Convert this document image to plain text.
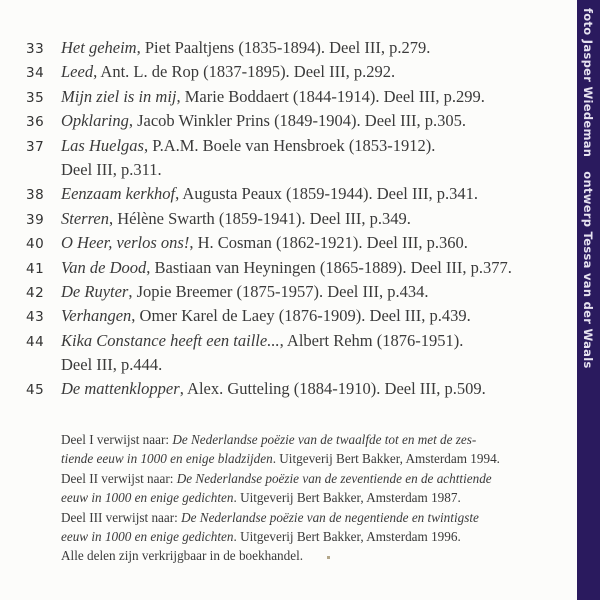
33	Het geheim, Piet Paaltjens (1835-1894). Deel III, p.279.
34	Leed, Ant. L. de Rop (1837-1895). Deel III, p.292.
35	Mijn ziel is in mij, Marie Boddaert (1844-1914). Deel III, p.299.
36	Opklaring, Jacob Winkler Prins (1849-1904). Deel III, p.305.
37	Las Huelgas, P.A.M. Boele van Hensbroek (1853-1912).
Deel III, p.311.
38	Eenzaam kerkhof, Augusta Peaux (1859-1944). Deel III, p.341.
39	Sterren, Hélène Swarth (1859-1941). Deel III, p.349.
40	O Heer, verlos ons!, H. Cosman (1862-1921). Deel III, p.360.
41	Van de Dood, Bastiaan van Heyningen (1865-1889). Deel III, p.377.
42	De Ruyter, Jopie Breemer (1875-1957). Deel III, p.434.
43	Verhangen, Omer Karel de Laey (1876-1909). Deel III, p.439.
44	Kika Constance heeft een taille..., Albert Rehm (1876-1951).
Deel III, p.444.
45	De mattenklopper, Alex. Gutteling (1884-1910). Deel III, p.509.

Deel I verwijst naar: De Nederlandse poëzie van de twaalfde tot en met de zes-
tiende eeuw in 1000 en enige bladzijden. Uitgeverij Bert Bakker, Amsterdam 1994.

Deel II verwijst naar: De Nederlandse poëzie van de zeventiende en de achttiende
eeuw in 1000 en enige gedichten. Uitgeverij Bert Bakker, Amsterdam 1987.

Deel III verwijst naar: De Nederlandse poëzie van de negentiende en twintigste
eeuw in 1000 en enige gedichten. Uitgeverij Bert Bakker, Amsterdam 1996.

Alle delen zijn verkrijgbaar in de boekhandel.

foto Jasper Wiedemanontwerp Tessa van der Waals
